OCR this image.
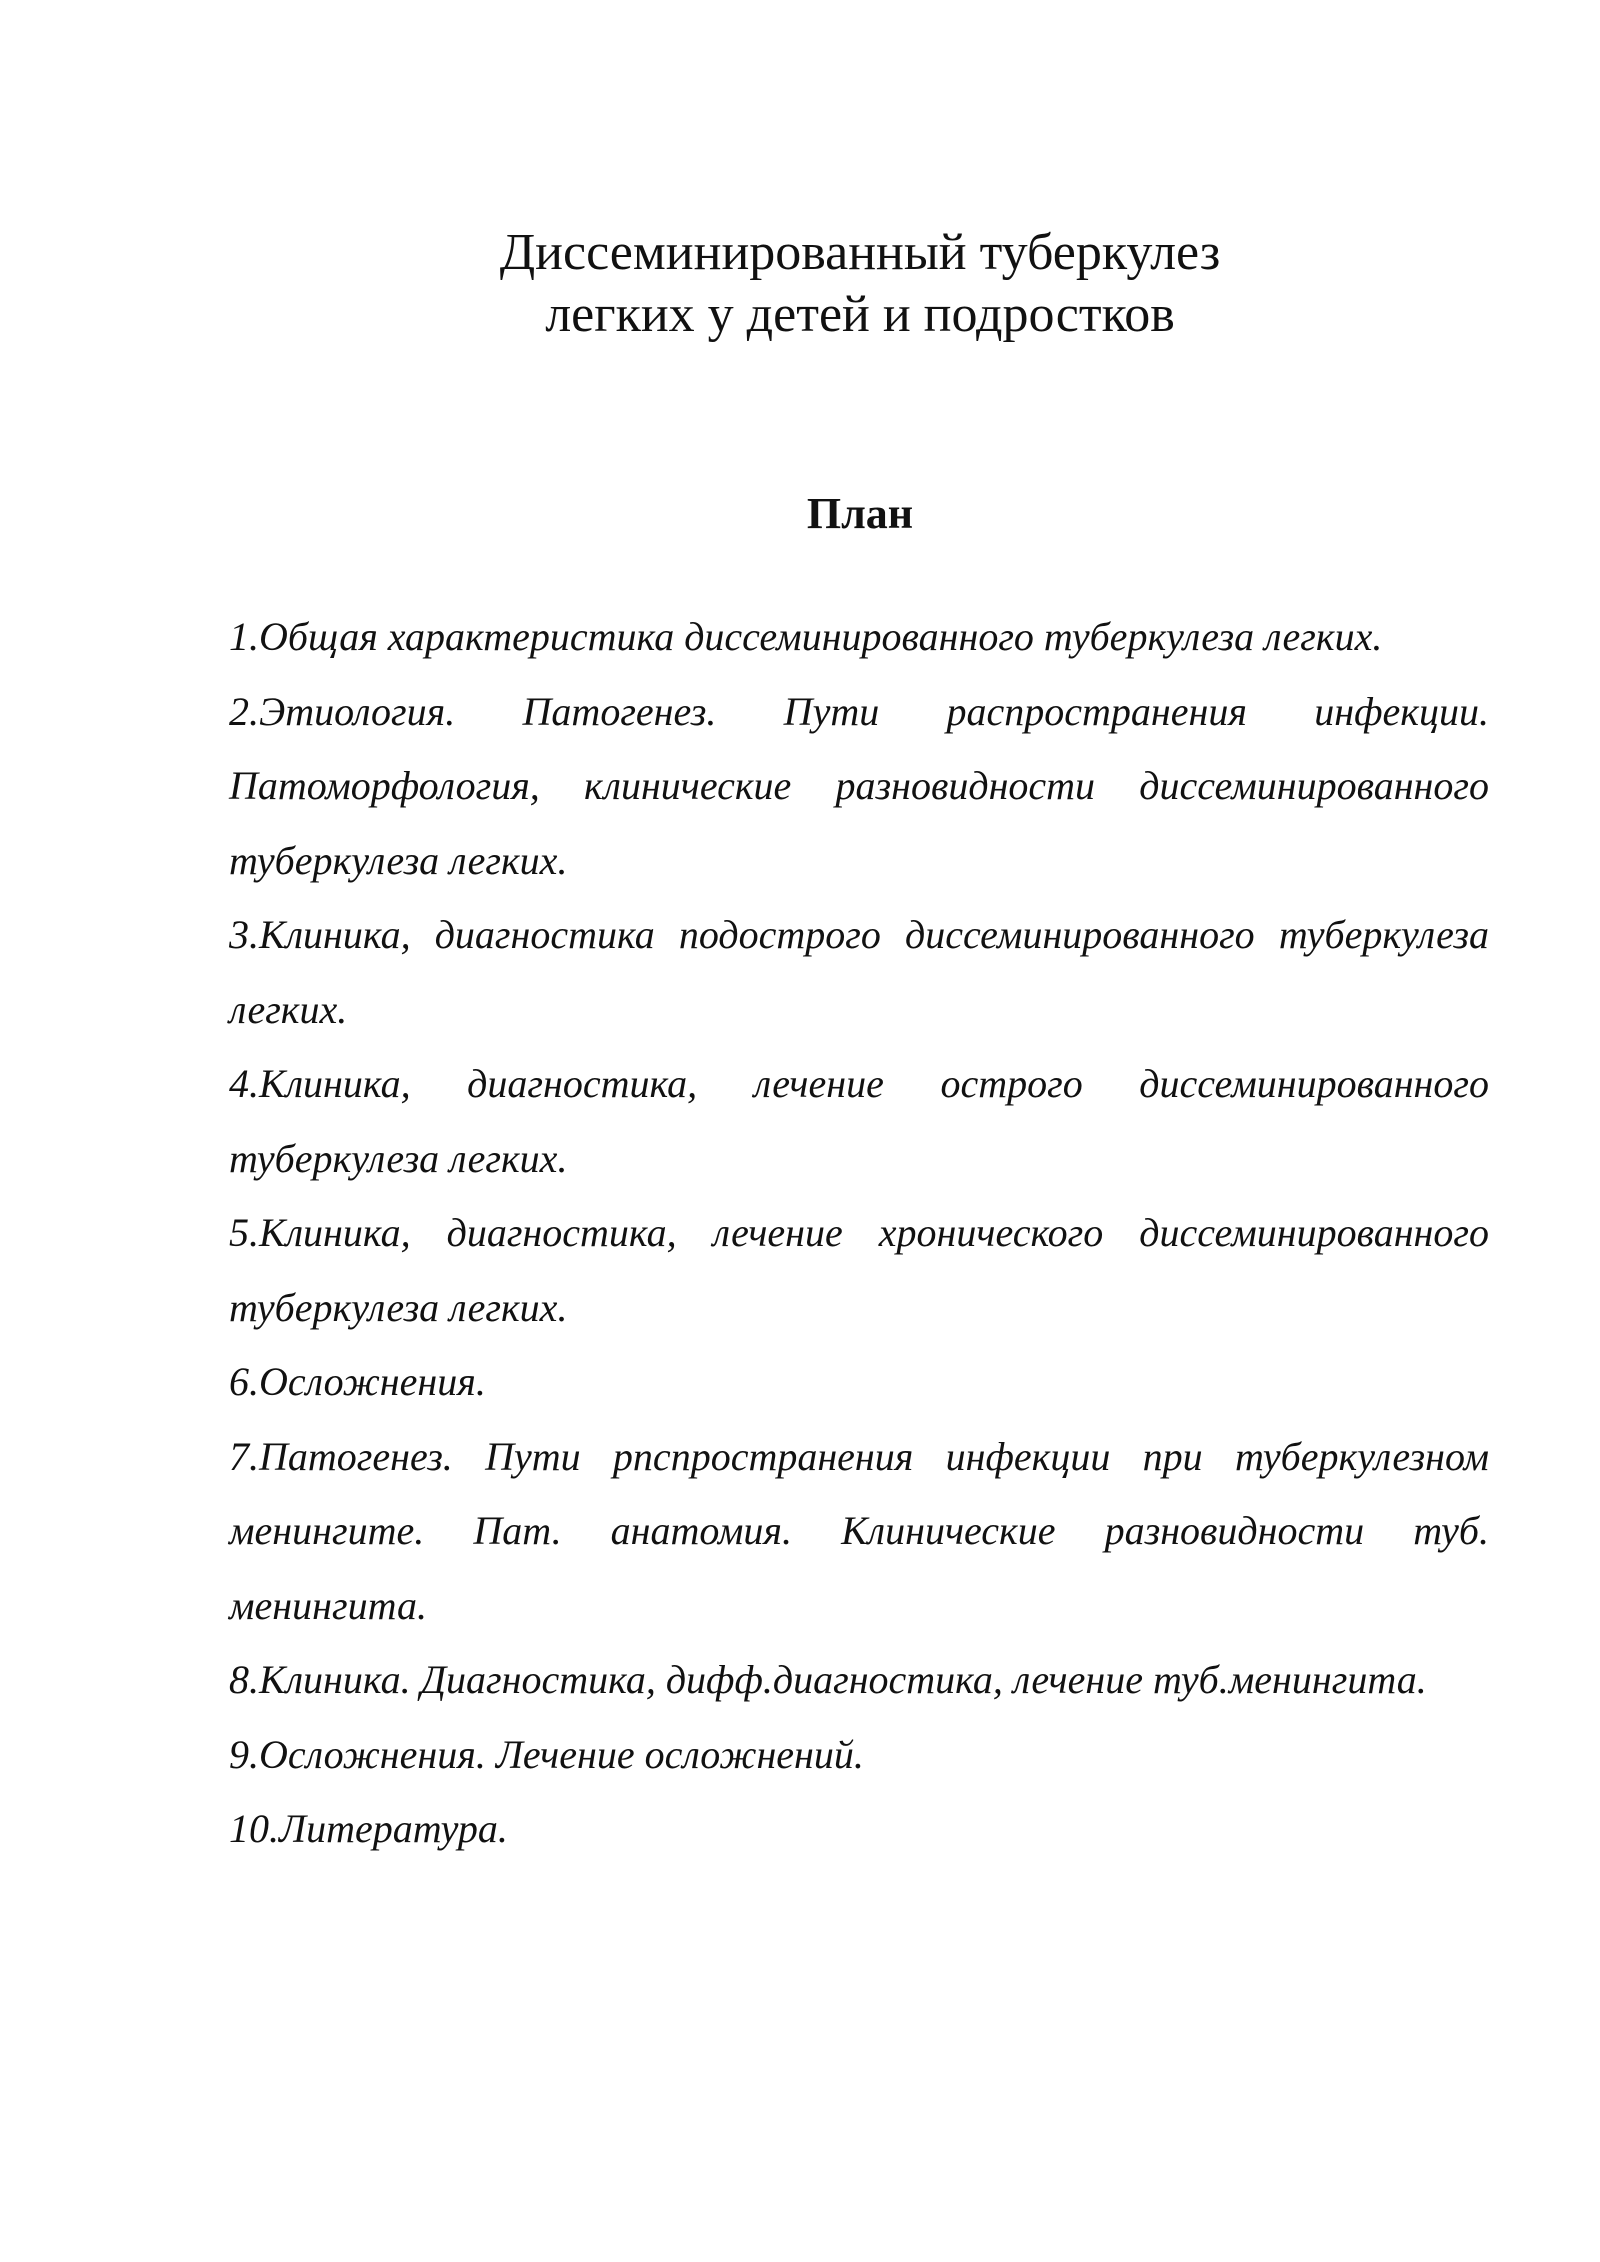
Диссеминированный туберкулез
легких у детей и подростков
План
1.Общая характеристика диссеминированного туберкулеза легких.
2.Этиология. Патогенез. Пути распространения инфекции. Патоморфология, клинические разновидности диссеминированного туберкулеза легких.
3.Клиника, диагностика подострого диссеминированного туберкулеза легких.
4.Клиника, диагностика, лечение острого диссеминированного туберкулеза легких.
5.Клиника, диагностика, лечение хронического диссеминированного туберкулеза легких.
6.Осложнения.
7.Патогенез. Пути рпспространения инфекции при туберкулезном менингите. Пат. анатомия. Клинические разновидности туб. менингита.
8.Клиника. Диагностика, дифф.диагностика, лечение туб.менингита.
9.Осложнения. Лечение осложнений.
10.Литература.
